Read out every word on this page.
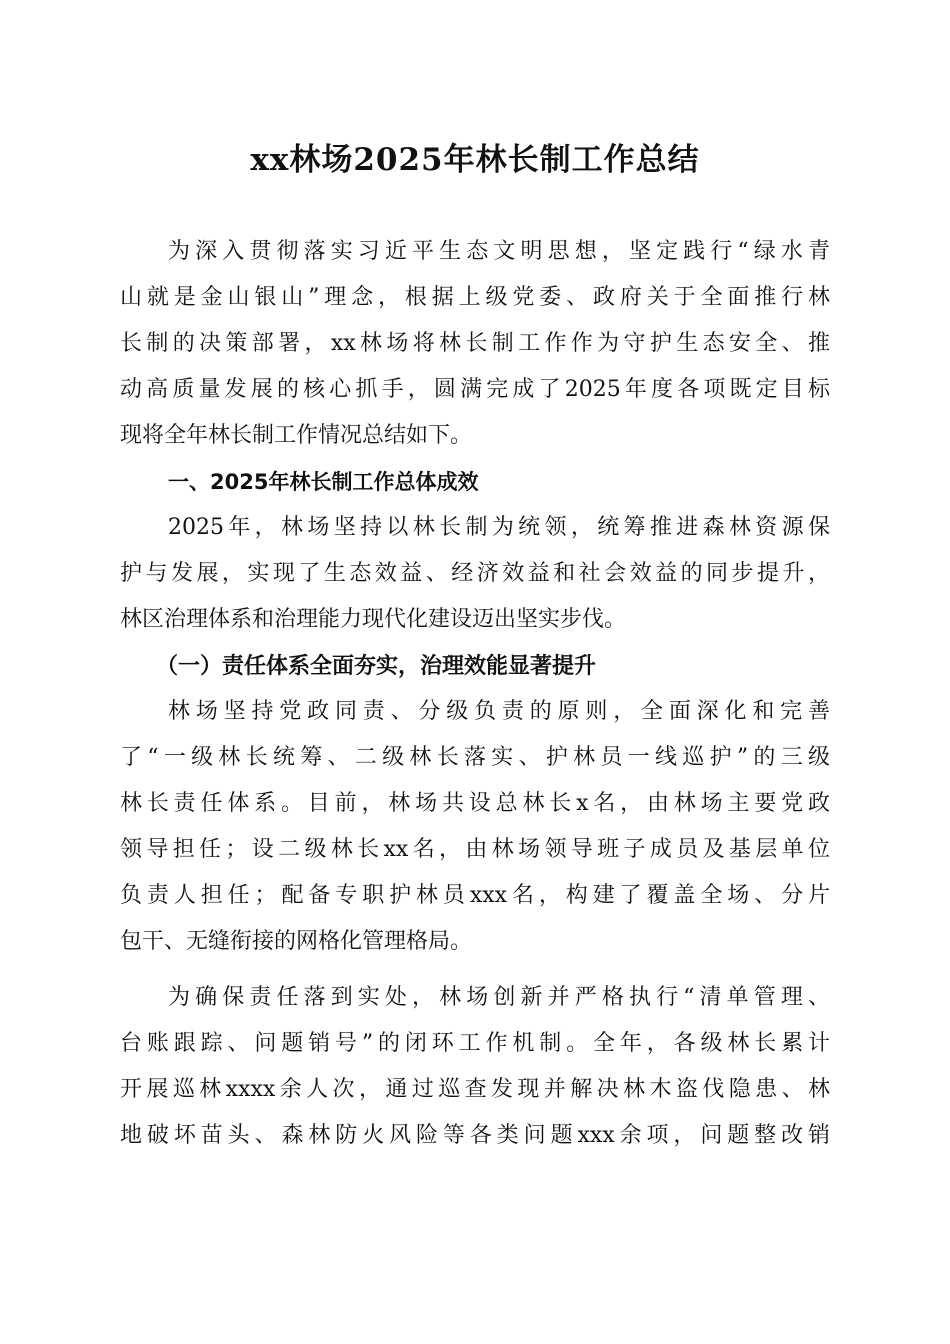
xx林场2025年林长制工作总结
为深入贯彻落实习近平生态文明思想，坚定践行“绿水青
山就是金山银山”理念，根据上级党委、政府关于全面推行林
长制的决策部署，xx林场将林长制工作作为守护生态安全、推
动高质量发展的核心抓手，圆满完成了2025年度各项既定目标
现将全年林长制工作情况总结如下。
一、2025年林长制工作总体成效
2025年，林场坚持以林长制为统领，统筹推进森林资源保
护与发展，实现了生态效益、经济效益和社会效益的同步提升，
林区治理体系和治理能力现代化建设迈出坚实步伐。
（一）责任体系全面夯实，治理效能显著提升
林场坚持党政同责、分级负责的原则，全面深化和完善
了“一级林长统筹、二级林长落实、护林员一线巡护”的三级
林长责任体系。目前，林场共设总林长x名，由林场主要党政
领导担任；设二级林长xx名，由林场领导班子成员及基层单位
负责人担任；配备专职护林员xxx名，构建了覆盖全场、分片
包干、无缝衔接的网格化管理格局。
为确保责任落到实处，林场创新并严格执行“清单管理、
台账跟踪、问题销号”的闭环工作机制。全年，各级林长累计
开展巡林xxxx余人次，通过巡查发现并解决林木盗伐隐患、林
地破坏苗头、森林防火风险等各类问题xxx余项，问题整改销
